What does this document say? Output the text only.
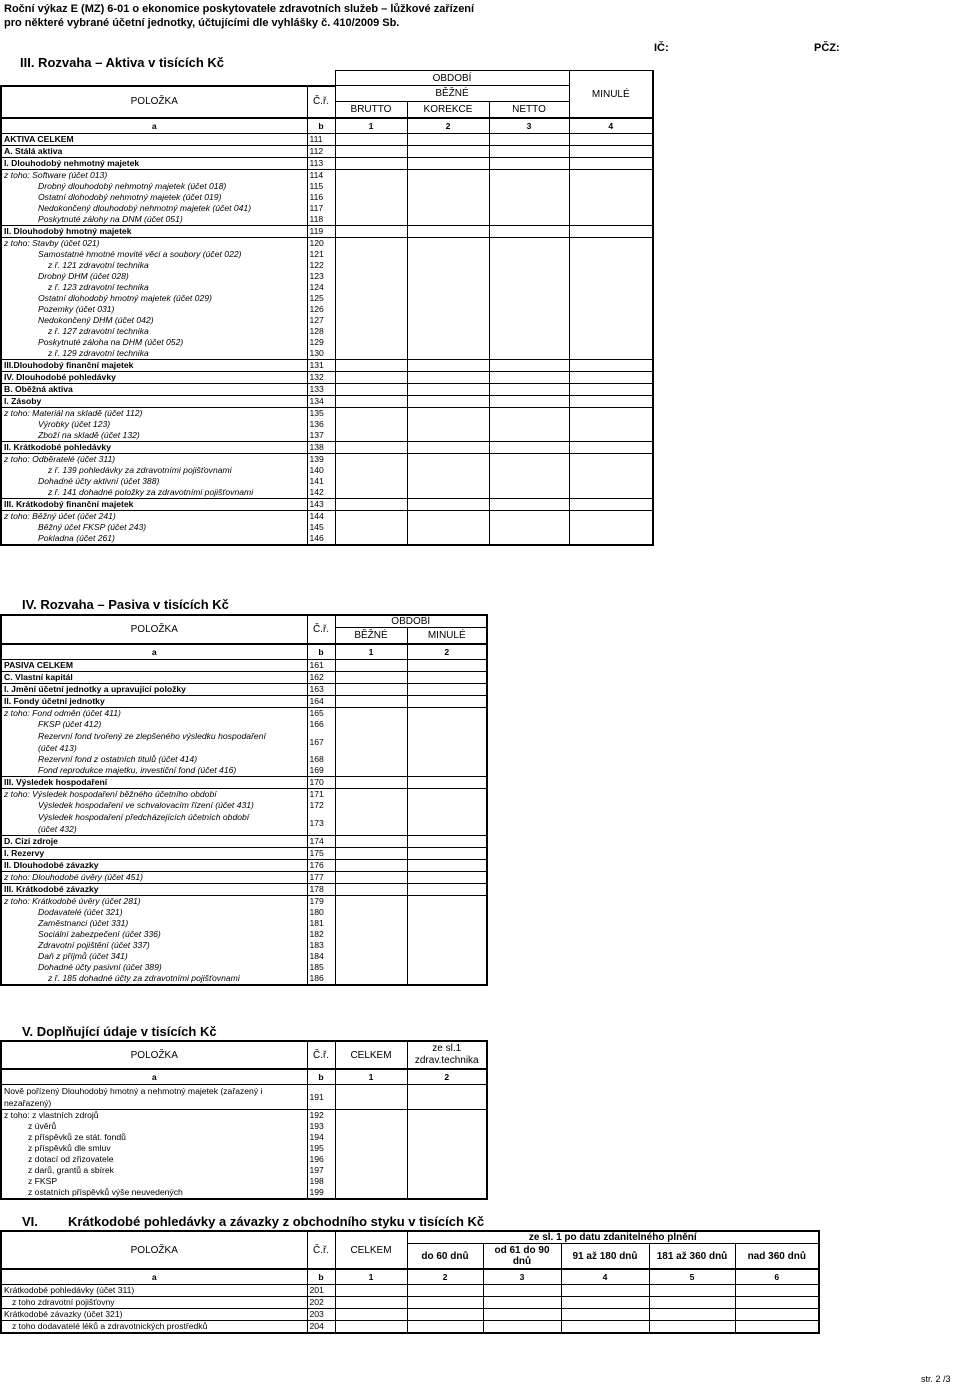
Roční výkaz E (MZ) 6-01 o ekonomice poskytovatele zdravotních služeb – lůžkové zařízení
pro některé vybrané účetní jednotky, účtujícími dle vyhlášky č. 410/2009 Sb.
IČ:	PČZ:
III. Rozvaha – Aktiva v tisících Kč
		OBDOBÍ			MINULÉ
POLOŽKA	Č.ř.	BĚŽNÉ			
		BRUTTO	KOREKCE	NETTO	
a	b	1	2	3	4
AKTIVA CELKEM	111				
A. Stálá aktiva	112				
I. Dlouhodobý nehmotný majetek	113				
z toho: Software (účet 013)	114				
Drobný dlouhodobý nehmotný majetek (účet 018)	115				
Ostatní dlohodobý nehmotný majetek (účet 019)	116				
Nedokončený dlouhodobý nehmotný majetek (účet 041)	117				
Poskytnuté zálohy na DNM (účet 051)	118				
II. Dlouhodobý hmotný majetek	119				
z toho: Stavby (účet 021)	120				
Samostatné hmotné movité věci a soubory (účet 022)	121				
z ř. 121 zdravotní technika	122				
Drobný DHM (účet 028)	123				
z ř. 123 zdravotní technika	124				
Ostatní dlohodobý hmotný majetek (účet 029)	125				
Pozemky (účet 031)	126				
Nedokončený DHM (účet 042)	127				
z ř. 127 zdravotní technika	128				
Poskytnuté záloha na DHM (účet 052)	129				
z ř. 129 zdravotní technika	130				
III.Dlouhodobý finanční majetek	131				
IV. Dlouhodobé pohledávky	132				
B. Oběžná aktiva	133				
I. Zásoby	134				
z toho: Materiál na skladě (účet 112)	135				
Výrobky (účet 123)	136				
Zboží na skladě (účet 132)	137				
II. Krátkodobé pohledávky	138				
z toho: Odběratelé (účet 311)	139				
z ř. 139 pohledávky za zdravotními pojišťovnami	140				
Dohadné účty aktivní (účet 388)	141				
z ř. 141 dohadné položky za zdravotními pojišťovnami	142				
III. Krátkodobý finanční majetek	143				
z toho: Běžný účet (účet 241)	144				
Běžný účet FKSP (účet 243)	145				
Pokladna (účet 261)	146				
IV. Rozvaha – Pasiva v tisících Kč
POLOŽKA	Č.ř.	OBDOBÍ	
		BĚŽNÉ	MINULÉ
a	b	1	2
PASIVA CELKEM	161		
C. Vlastní kapitál	162		
I. Jmění účetní jednotky a upravující položky	163		
II. Fondy účetní jednotky	164		
z toho: Fond odměn (účet 411)	165		
FKSP (účet 412)	166		

Rezervní fond tvořený ze zlepšeného výsledku hospodaření
(účet 413)	167		
Rezervní fond z ostatních titulů (účet 414)	168		
Fond reprodukce majetku, investiční fond (účet 416)	169		
III. Výsledek hospodaření	170		
z toho: Výsledek hospodaření běžného účetního období	171		
Výsledek hospodaření ve schvalovacím řízení (účet 431)	172		

Výsledek hospodaření předcházejících účetních období
(účet 432)	173		
D. Cizí zdroje	174		
I. Rezervy	175		
II. Dlouhodobé závazky	176		
z toho: Dlouhodobé úvěry (účet 451)	177		
III. Krátkodobé závazky	178		
z toho: Krátkodobé úvěry (účet 281)	179		
Dodavatelé (účet 321)	180		
Zaměstnanci (účet 331)	181		
Sociální zabezpečení (účet 336)	182		
Zdravotní pojištění (účet 337)	183		
Daň z příjmů (účet 341)	184		
Dohadné účty pasivní (účet 389)	185		
z ř. 185 dohadné účty za zdravotními pojišťovnami	186		
V. Doplňující údaje v tisících Kč
POLOŽKA	Č.ř.	CELKEM	ze sl.1
zdrav.technika

a	b	1	2

Nově pořízený Dlouhodobý hmotný a nehmotný majetek (zařazený i
nezařazený)	191		
z toho: z vlastních zdrojů	192		
z úvěrů	193		
z příspěvků ze stát. fondů	194		
z příspěvků dle smluv	195		
z dotací od zřizovatele	196		
z darů, grantů a sbírek	197		
z FKSP	198		
z ostatních příspěvků výše neuvedených	199		
VI. Krátkodobé pohledávky a závazky z obchodního styku v tisících Kč
POLOŽKA	Č.ř.	CELKEM	ze sl. 1 po datu zdanitelného plnění				
			do 60 dnů	od 61 do 90
dnů	91 až 180 dnů	181 až 360 dnů	nad 360 dnů
a	b	1	2	3	4	5	6
Krátkodobé pohledávky (účet 311)	201						
z toho zdravotní pojišťovny	202						
Krátkodobé závazky (účet 321)	203						
z toho dodavatelé léků a zdravotnických prostředků	204						
str. 2 /3
